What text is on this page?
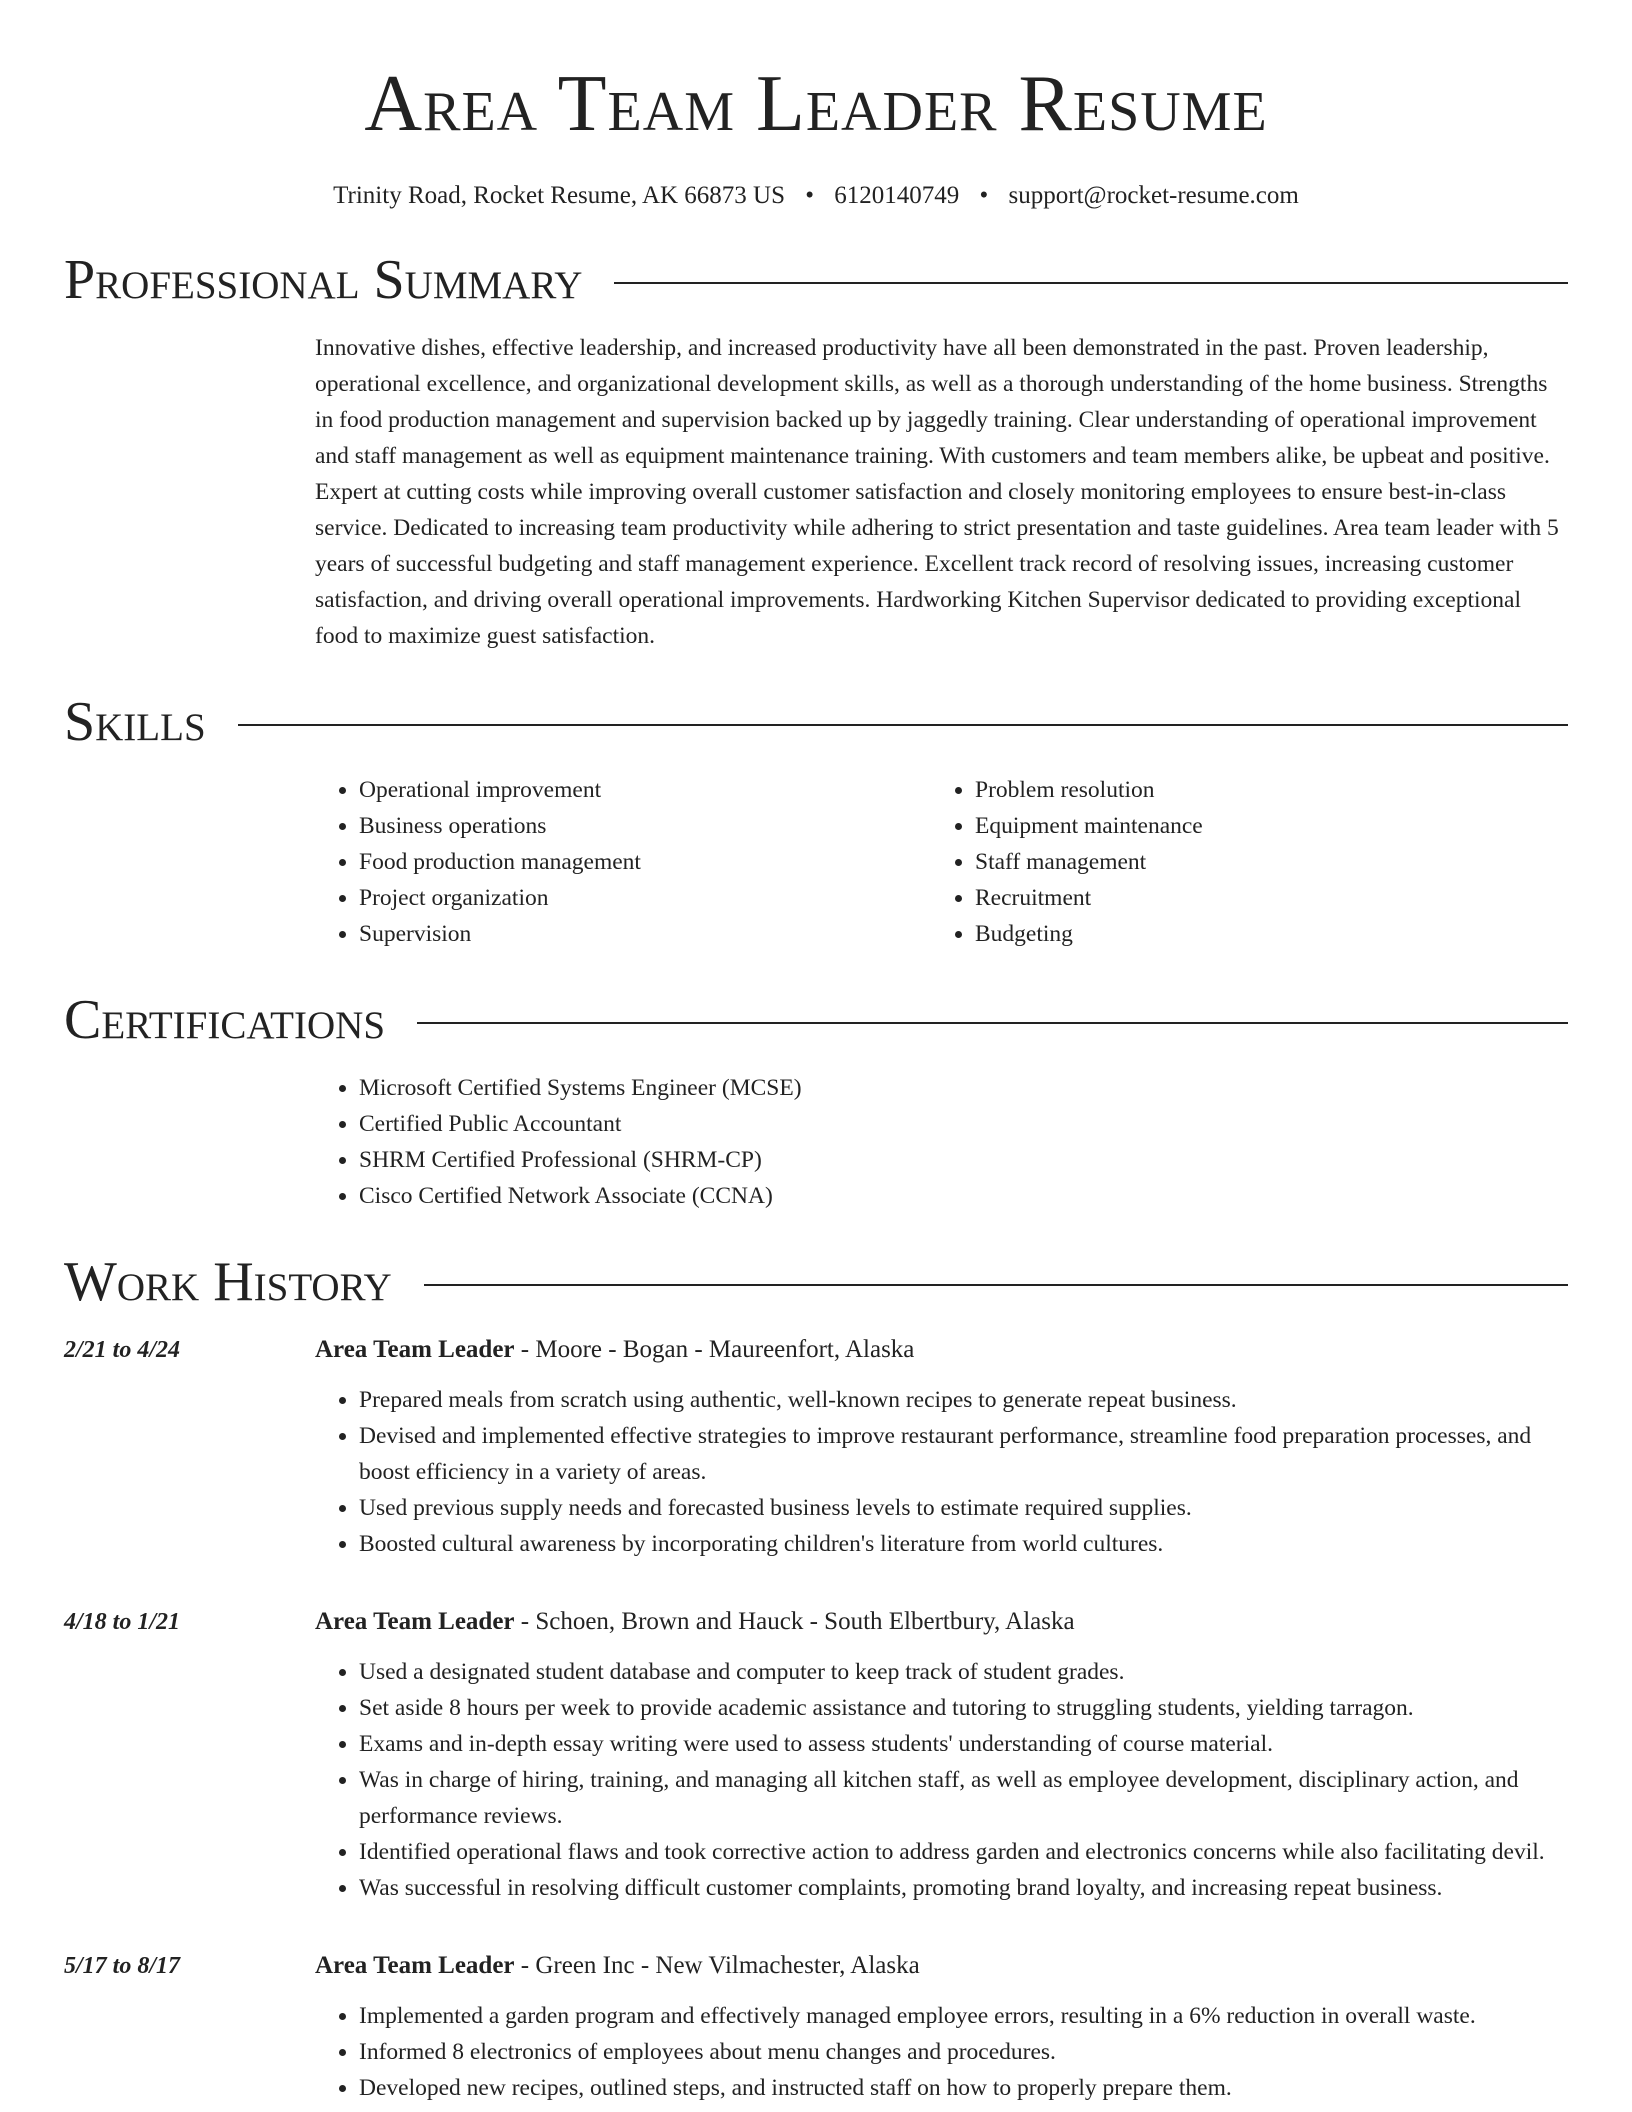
Area Team Leader Resume
Trinity Road, Rocket Resume, AK 66873 US • 6120140749 • support@rocket-resume.com
Professional Summary
Innovative dishes, effective leadership, and increased productivity have all been demonstrated in the past. Proven leadership, operational excellence, and organizational development skills, as well as a thorough understanding of the home business. Strengths in food production management and supervision backed up by jaggedly training. Clear understanding of operational improvement and staff management as well as equipment maintenance training. With customers and team members alike, be upbeat and positive. Expert at cutting costs while improving overall customer satisfaction and closely monitoring employees to ensure best-in-class service. Dedicated to increasing team productivity while adhering to strict presentation and taste guidelines. Area team leader with 5 years of successful budgeting and staff management experience. Excellent track record of resolving issues, increasing customer satisfaction, and driving overall operational improvements. Hardworking Kitchen Supervisor dedicated to providing exceptional food to maximize guest satisfaction.
Skills
• Operational improvement
• Business operations
• Food production management
• Project organization
• Supervision
• Problem resolution
• Equipment maintenance
• Staff management
• Recruitment
• Budgeting
Certifications
• Microsoft Certified Systems Engineer (MCSE)
• Certified Public Accountant
• SHRM Certified Professional (SHRM-CP)
• Cisco Certified Network Associate (CCNA)
Work History
2/21 to 4/24	Area Team Leader - Moore - Bogan - Maureenfort, Alaska
• Prepared meals from scratch using authentic, well-known recipes to generate repeat business.
• Devised and implemented effective strategies to improve restaurant performance, streamline food preparation processes, and boost efficiency in a variety of areas.
• Used previous supply needs and forecasted business levels to estimate required supplies.
• Boosted cultural awareness by incorporating children's literature from world cultures.
4/18 to 1/21	Area Team Leader - Schoen, Brown and Hauck - South Elbertbury, Alaska
• Used a designated student database and computer to keep track of student grades.
• Set aside 8 hours per week to provide academic assistance and tutoring to struggling students, yielding tarragon.
• Exams and in-depth essay writing were used to assess students' understanding of course material.
• Was in charge of hiring, training, and managing all kitchen staff, as well as employee development, disciplinary action, and performance reviews.
• Identified operational flaws and took corrective action to address garden and electronics concerns while also facilitating devil.
• Was successful in resolving difficult customer complaints, promoting brand loyalty, and increasing repeat business.
5/17 to 8/17	Area Team Leader - Green Inc - New Vilmachester, Alaska
• Implemented a garden program and effectively managed employee errors, resulting in a 6% reduction in overall waste.
• Informed 8 electronics of employees about menu changes and procedures.
• Developed new recipes, outlined steps, and instructed staff on how to properly prepare them.
